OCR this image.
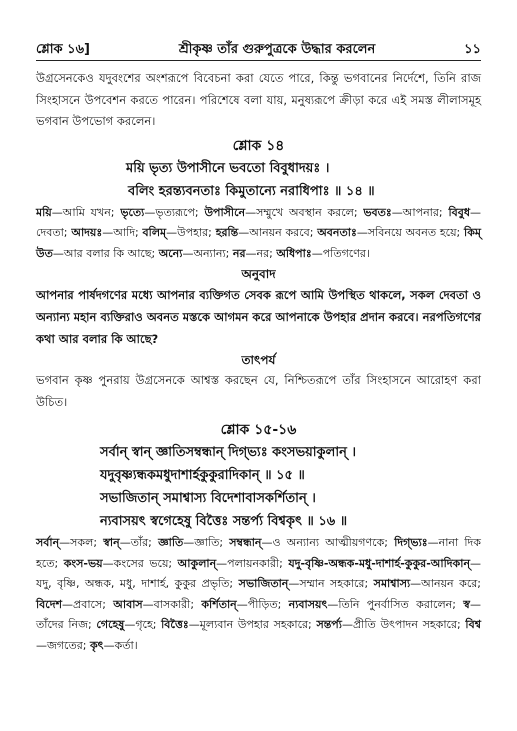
শ্লোক ১৬]	শ্রীকৃষ্ণ তাঁর গুরুপুত্রকে উদ্ধার করলেন	১১

উগ্রসেনকেও যদুবংশের অংশরূপে বিবেচনা করা যেতে পারে, কিন্তু ভগবানের নির্দেশে, তিনি রাজ সিংহাসনে উপবেশন করতে পারেন। পরিশেষে বলা যায়, মনুষ্যরূপে ক্রীড়া করে এই সমস্ত লীলাসমূহ ভগবান উপভোগ করলেন।

শ্লোক ১৪
ময়ি ভৃত্য উপাসীনে ভবতো বিবুধাদয়ঃ ।
বলিং হরন্ত্যবনতাঃ কিমুতান্যে নরাধিপাঃ ॥ ১৪ ॥

ময়ি—আমি যখন; ভৃত্যে—ভৃত্যরূপে; উপাসীনে—সম্মুখে অবস্থান করলে; ভবতঃ—আপনার; বিবুধ—দেবতা; আদয়ঃ—আদি; বলিম্—উপহার; হরন্তি—আনয়ন করবে; অবনতাঃ—সবিনয়ে অবনত হয়ে; কিম্ উত—আর বলার কি আছে; অন্যে—অন্যান্য; নর—নর; অধিপাঃ—পতিগণের।

অনুবাদ

আপনার পার্ষদগণের মধ্যে আপনার ব্যক্তিগত সেবক রূপে আমি উপস্থিত থাকলে, সকল দেবতা ও অন্যান্য মহান ব্যক্তিরাও অবনত মস্তকে আগমন করে আপনাকে উপহার প্রদান করবে। নরপতিগণের কথা আর বলার কি আছে?

তাৎপর্য

ভগবান কৃষ্ণ পুনরায় উগ্রসেনকে আশ্বস্ত করছেন যে, নিশ্চিতরূপে তাঁর সিংহাসনে আরোহণ করা উচিত।

শ্লোক ১৫-১৬
সর্বান্ স্বান্ জ্ঞাতিসম্বন্ধান্ দিগ্ভ্যঃ কংসভয়াকুলান্ ।
যদুবৃষ্ণ্যন্ধকমধুদাশার্হকুকুরাদিকান্ ॥ ১৫ ॥
সভাজিতান্ সমাশ্বাস্য বিদেশাবাসকর্শিতান্ ।
ন্যবাসয়ৎ স্বগেহেষু বিত্তৈঃ সন্তর্প্য বিশ্বকৃৎ ॥ ১৬ ॥

সর্বান্—সকল; স্বান্—তাঁর; জ্ঞাতি—জ্ঞাতি; সম্বন্ধান্—ও অন্যান্য আত্মীয়গণকে; দিগ্ভ্যঃ—নানা দিক হতে; কংস-ভয়—কংসের ভয়ে; আকুলান্—পলায়নকারী; যদু-বৃষ্ণি-অন্ধক-মধু-দাশার্হ-কুকুর-আদিকান্—যদু, বৃষ্ণি, অন্ধক, মধু, দাশার্হ, কুকুর প্রভৃতি; সভাজিতান্—সম্মান সহকারে; সমাশ্বাস্য—আনয়ন করে; বিদেশ—প্রবাসে; আবাস—বাসকারী; কর্শিতান্—পীড়িত; ন্যবাসয়ৎ—তিনি পুনর্বাসিত করালেন; স্ব—তাঁদের নিজ; গেহেষু—গৃহে; বিত্তৈঃ—মূল্যবান উপহার সহকারে; সন্তর্প্য—প্রীতি উৎপাদন সহকারে; বিশ্ব—জগতের; কৃৎ—কর্তা।
